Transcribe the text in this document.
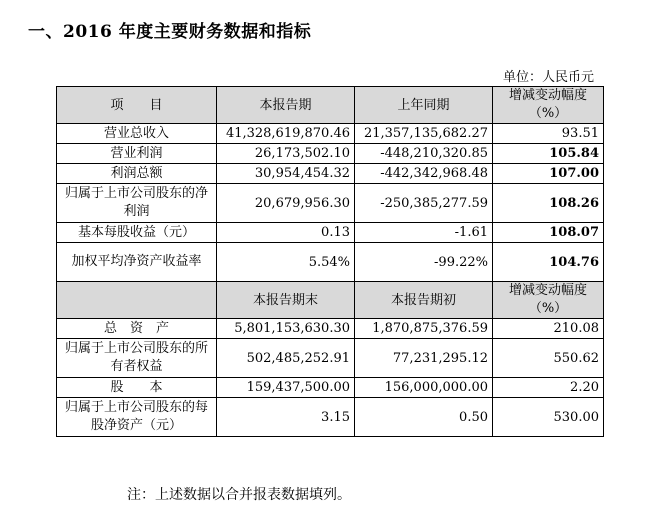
一、2016 年度主要财务数据和指标
单位：人民币元
项　　目	本报告期	上年同期	增减变动幅度（%）
营业总收入	41,328,619,870.46	21,357,135,682.27	93.51
营业利润	26,173,502.10	-448,210,320.85	105.84
利润总额	30,954,454.32	-442,342,968.48	107.00
归属于上市公司股东的净利润	20,679,956.30	-250,385,277.59	108.26
基本每股收益（元）	0.13	-1.61	108.07
加权平均净资产收益率	5.54%	-99.22%	104.76
	本报告期末	本报告期初	增减变动幅度（%）
总　资　产	5,801,153,630.30	1,870,875,376.59	210.08
归属于上市公司股东的所有者权益	502,485,252.91	77,231,295.12	550.62
股　　本	159,437,500.00	156,000,000.00	2.20
归属于上市公司股东的每股净资产（元）	3.15	0.50	530.00
注：上述数据以合并报表数据填列。
